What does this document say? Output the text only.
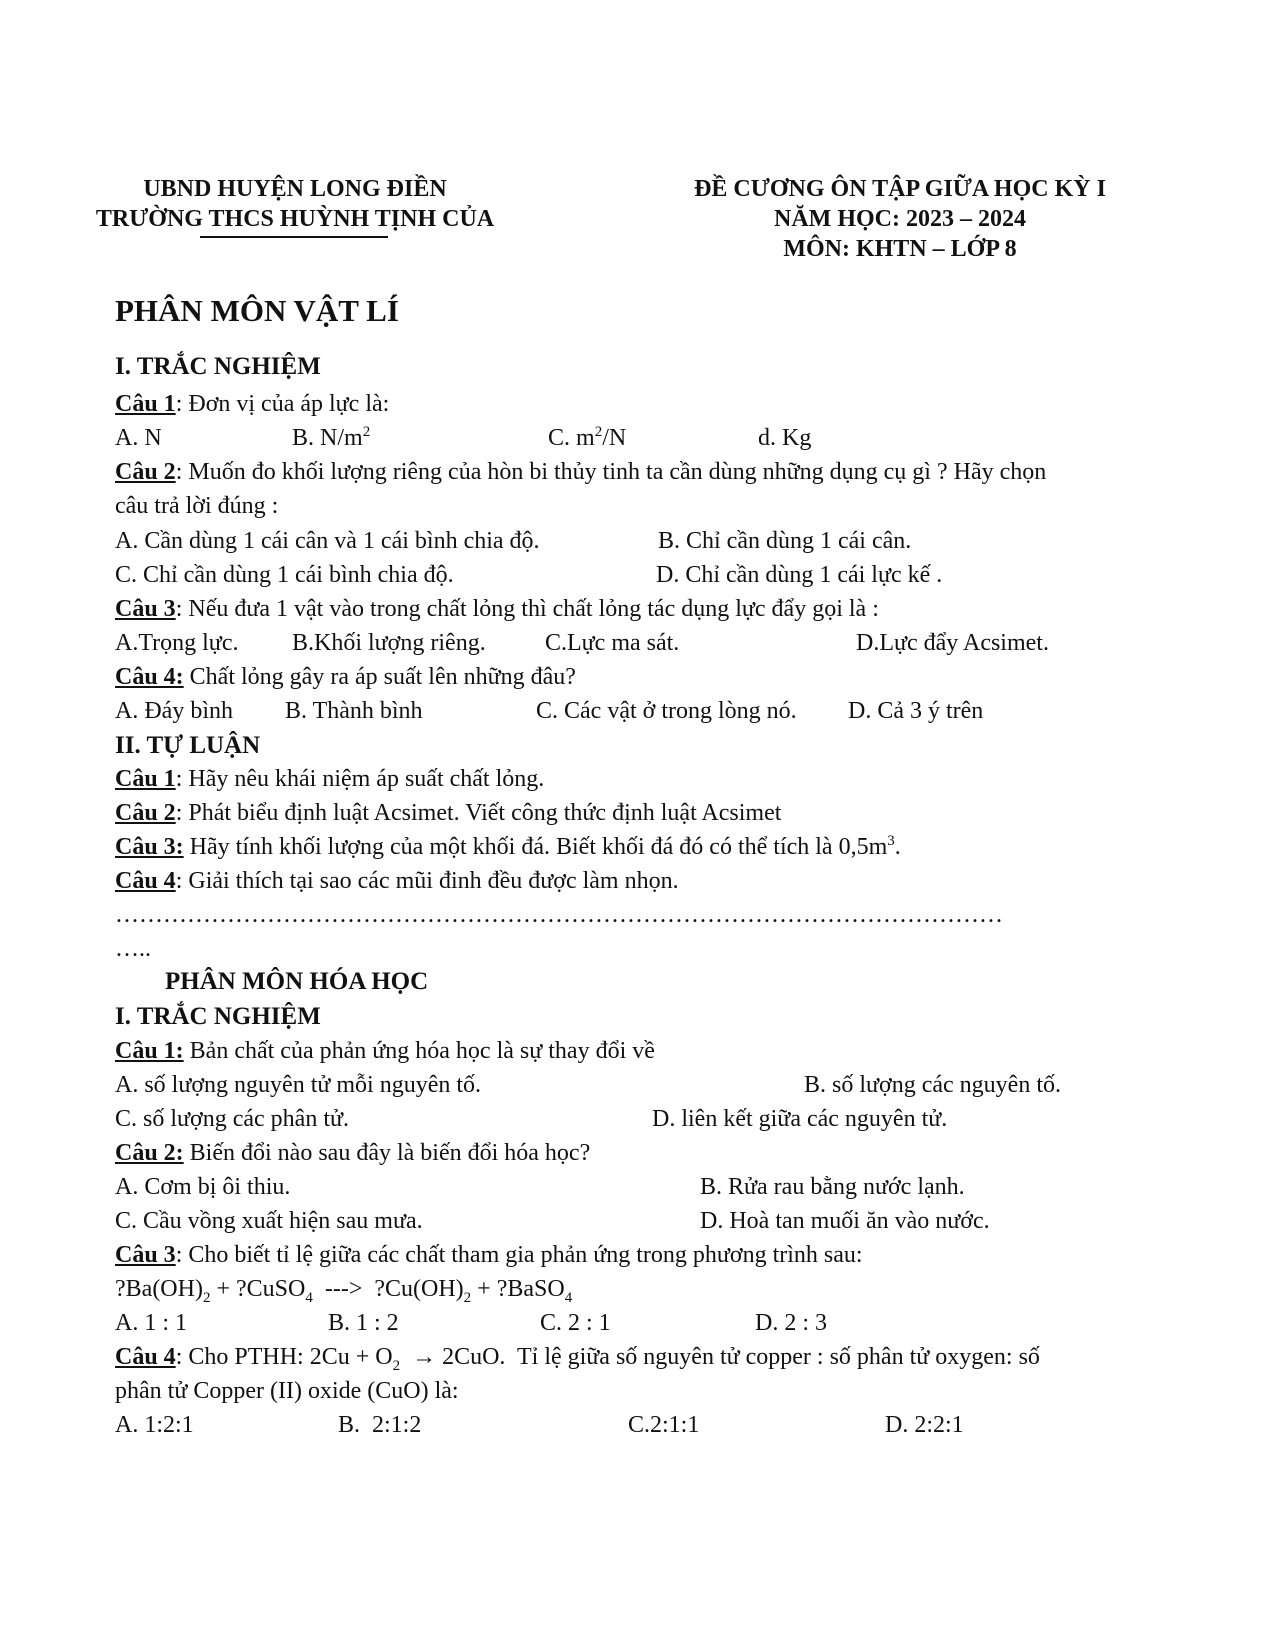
UBND HUYỆN LONG ĐIỀN
TRƯỜNG THCS HUỲNH TỊNH CỦA
ĐỀ CƯƠNG ÔN TẬP GIỮA HỌC KỲ I
NĂM HỌC: 2023 – 2024
MÔN: KHTN – LỚP 8
PHÂN MÔN VẬT LÍ
I. TRẮC NGHIỆM
Câu 1: Đơn vị của áp lực là:
A. N	B. $N/m^2$	C. $m^2/N$	d. Kg
Câu 2: Muốn đo khối lượng riêng của hòn bi thủy tinh ta cần dùng những dụng cụ gì ? Hãy chọn
câu trả lời đúng :
A. Cần dùng 1 cái cân và 1 cái bình chia độ.	B. Chỉ cần dùng 1 cái cân.
C. Chỉ cần dùng 1 cái bình chia độ.	D. Chỉ cần dùng 1 cái lực kế .
Câu 3: Nếu đưa 1 vật vào trong chất lỏng thì chất lỏng tác dụng lực đẩy gọi là :
A.Trọng lực. B.Khối lượng riêng. C.Lực ma sát.	D.Lực đẩy Acsimet.
Câu 4: Chất lỏng gây ra áp suất lên những đâu?
A. Đáy bình B. Thành bình	C. Các vật ở trong lòng nó. D. Cả 3 ý trên
II. TỰ LUẬN
Câu 1: Hãy nêu khái niệm áp suất chất lỏng.
Câu 2: Phát biểu định luật Acsimet. Viết công thức định luật Acsimet
Câu 3: Hãy tính khối lượng của một khối đá. Biết khối đá đó có thể tích là $0,5m^3$.
Câu 4: Giải thích tại sao các mũi đinh đều được làm nhọn.
…………………………………………………………………………………………………
…..
PHÂN MÔN HÓA HỌC
I. TRẮC NGHIỆM
Câu 1: Bản chất của phản ứng hóa học là sự thay đổi về
A. số lượng nguyên tử mỗi nguyên tố.	B. số lượng các nguyên tố.
C. số lượng các phân tử.	D. liên kết giữa các nguyên tử.
Câu 2: Biến đổi nào sau đây là biến đổi hóa học?
A. Cơm bị ôi thiu.	B. Rửa rau bằng nước lạnh.
C. Cầu vồng xuất hiện sau mưa.	D. Hoà tan muối ăn vào nước.
Câu 3: Cho biết tỉ lệ giữa các chất tham gia phản ứng trong phương trình sau:
$?Ba(OH)_2$ + ?CuSO$_4$  --->  $?Cu(OH)_2$ + ?BaSO$_4$
A. 1 : 1	B. 1 : 2	C. 2 : 1	D. 2 : 3
Câu 4: Cho PTHH: $2Cu + O_2 \to 2CuO$.  Tỉ lệ giữa số nguyên tử copper : số phân tử oxygen: số
phân tử Copper (II) oxide (CuO) là:
A. 1:2:1	B.  2:1:2	C.2:1:1	D. 2:2:1
